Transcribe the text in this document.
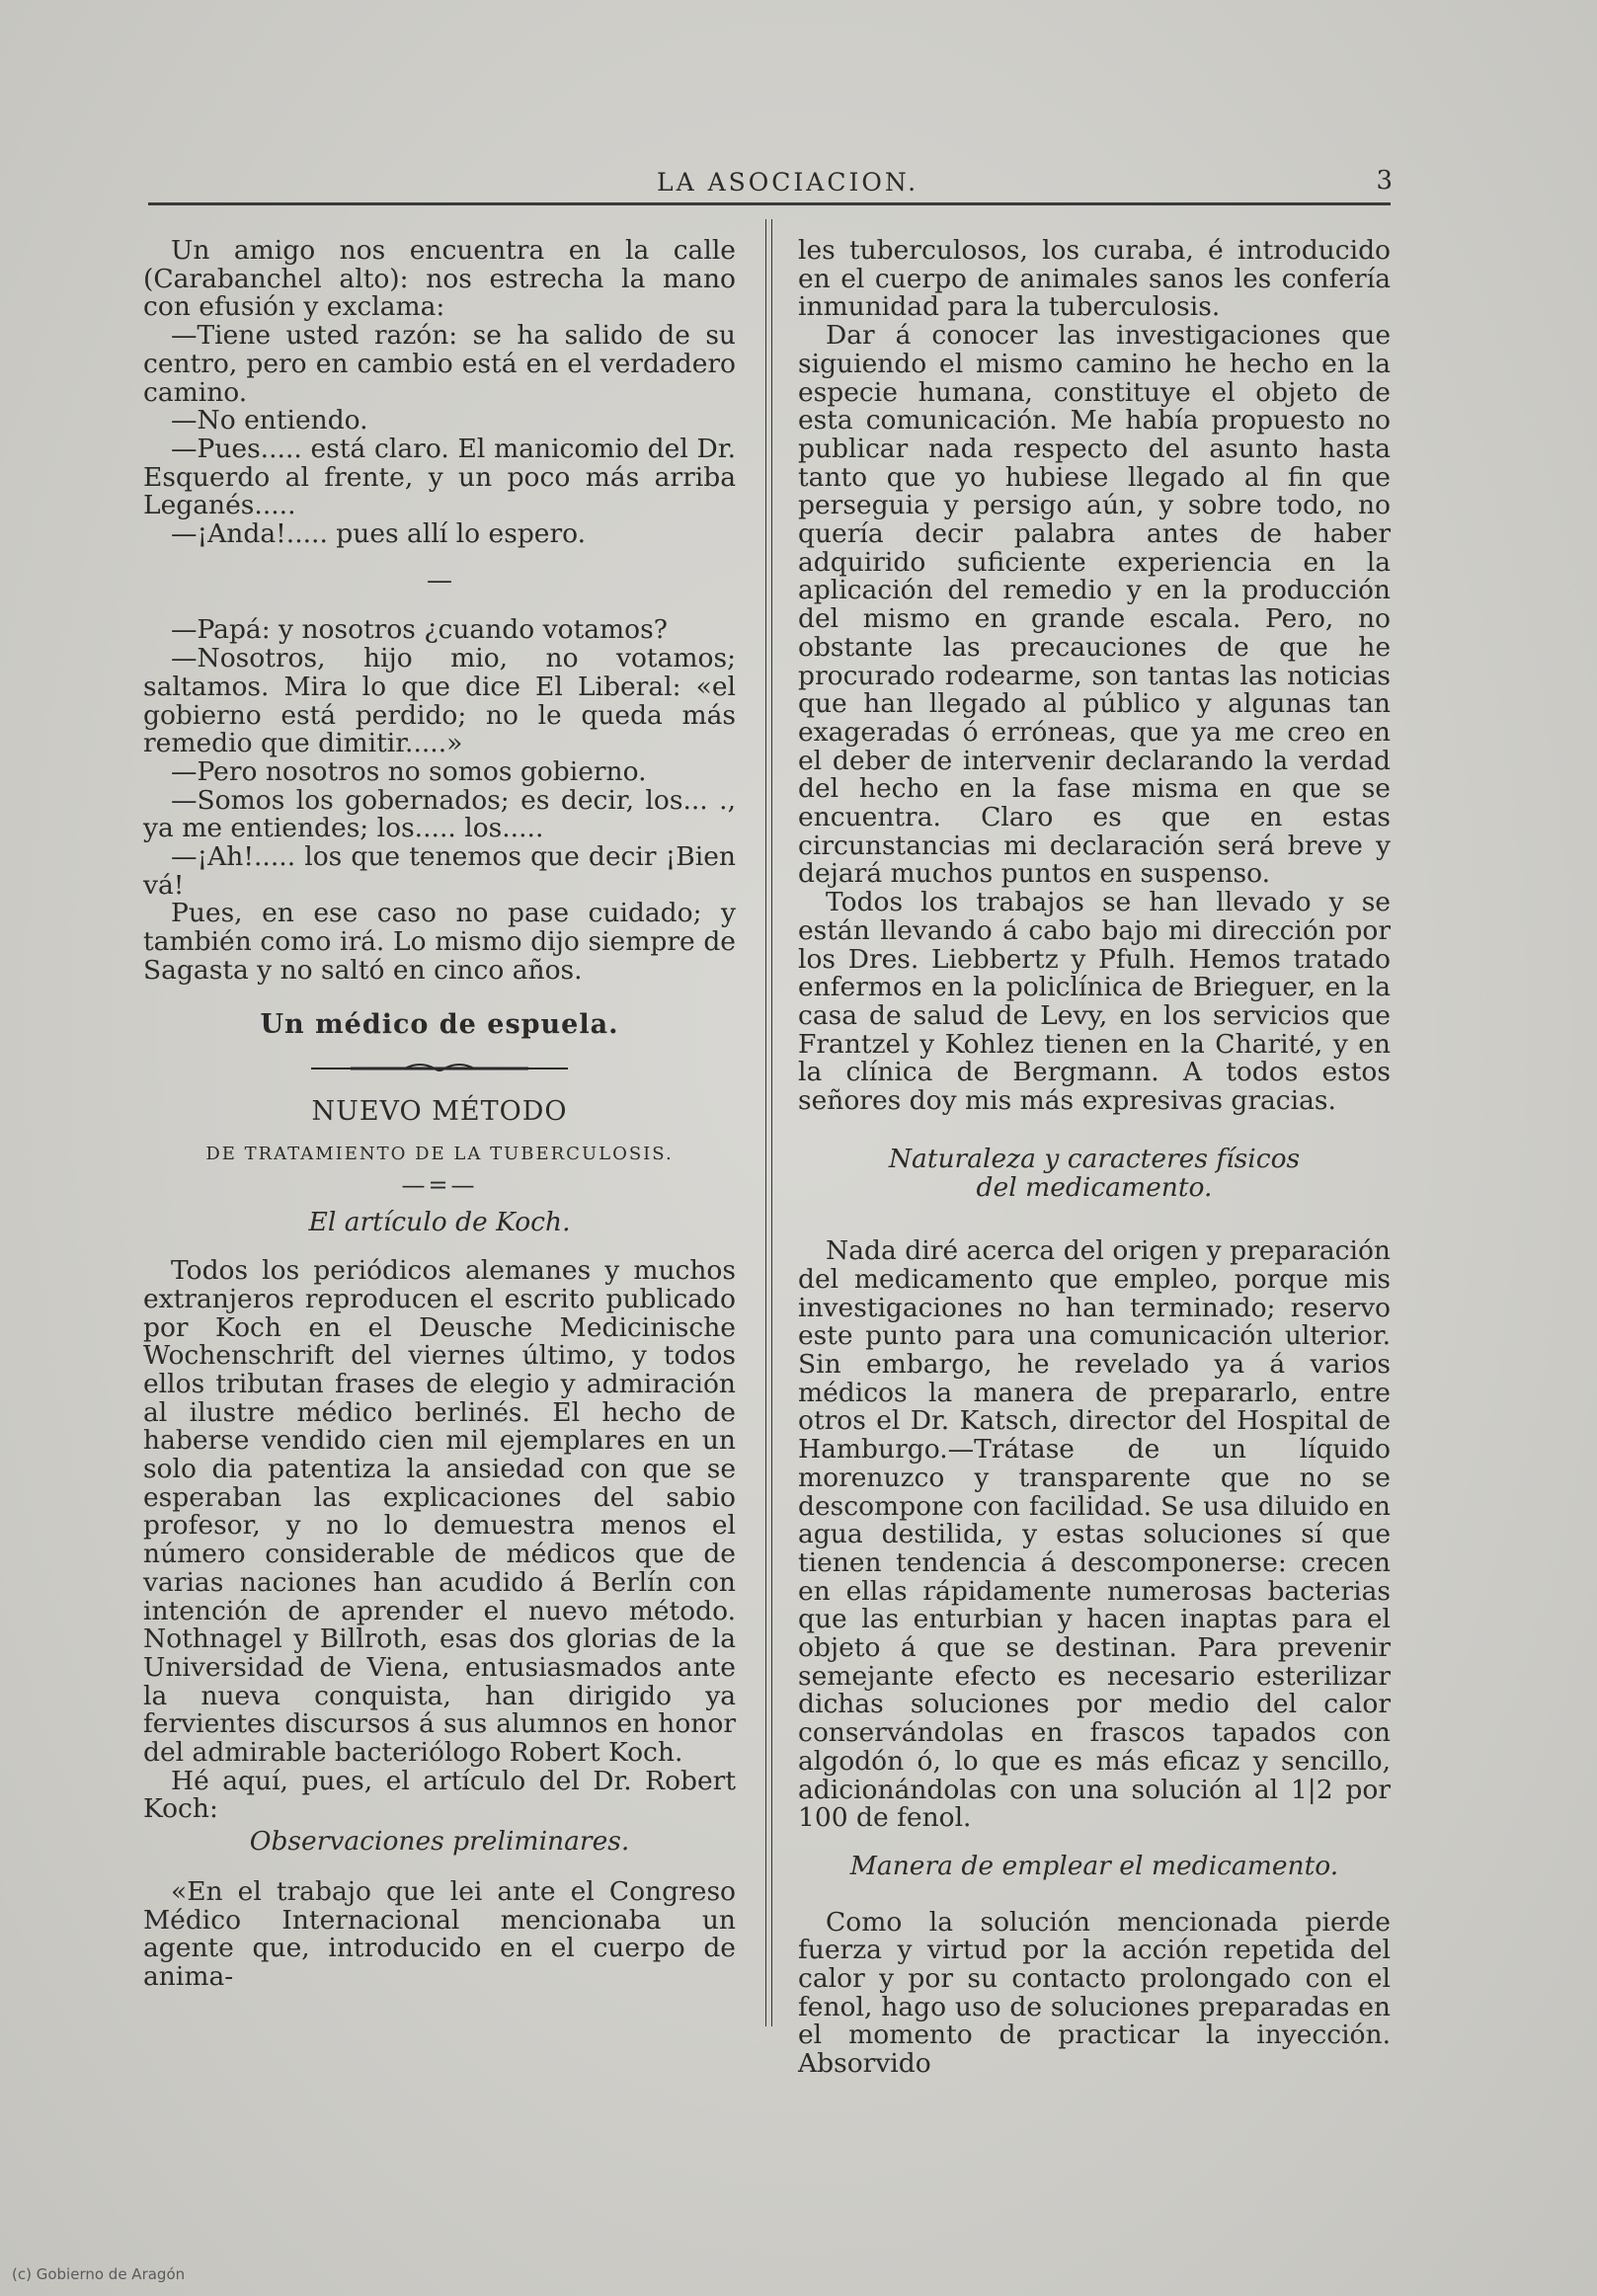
LA ASOCIACION.	3

Un amigo nos encuentra en la calle (Carabanchel alto): nos estrecha la mano con efusión y exclama:

—Tiene usted razón: se ha salido de su centro, pero en cambio está en el verdadero camino.

—No entiendo.

—Pues..... está claro. El manicomio del Dr. Esquerdo al frente, y un poco más arriba Leganés.....

—¡Anda!..... pues allí lo espero.

—

—Papá: y nosotros ¿cuando votamos?

—Nosotros, hijo mio, no votamos; saltamos. Mira lo que dice El Liberal: «el gobierno está perdido; no le queda más remedio que dimitir.....»

—Pero nosotros no somos gobierno.

—Somos los gobernados; es decir, los... ., ya me entiendes; los..... los.....

—¡Ah!..... los que tenemos que decir ¡Bien vá!

Pues, en ese caso no pase cuidado; y también como irá. Lo mismo dijo siempre de Sagasta y no saltó en cinco años.

Un médico de espuela.

NUEVO MÉTODO

DE TRATAMIENTO DE LA TUBERCULOSIS.

—=—

El artículo de Koch.

Todos los periódicos alemanes y muchos extranjeros reproducen el escrito publicado por Koch en el Deusche Medicinische Wochenschrift del viernes último, y todos ellos tributan frases de elegio y admiración al ilustre médico berlinés. El hecho de haberse vendido cien mil ejemplares en un solo dia patentiza la ansiedad con que se esperaban las explicaciones del sabio profesor, y no lo demuestra menos el número considerable de médicos que de varias naciones han acudido á Berlín con intención de aprender el nuevo método. Nothnagel y Billroth, esas dos glorias de la Universidad de Viena, entusiasmados ante la nueva conquista, han dirigido ya fervientes discursos á sus alumnos en honor del admirable bacteriólogo Robert Koch.

Hé aquí, pues, el artículo del Dr. Robert Koch:

Observaciones preliminares.

«En el trabajo que lei ante el Congreso Médico Internacional mencionaba un agente que, introducido en el cuerpo de anima-

les tuberculosos, los curaba, é introducido en el cuerpo de animales sanos les confería inmunidad para la tuberculosis.

Dar á conocer las investigaciones que siguiendo el mismo camino he hecho en la especie humana, constituye el objeto de esta comunicación. Me había propuesto no publicar nada respecto del asunto hasta tanto que yo hubiese llegado al fin que perseguia y persigo aún, y sobre todo, no quería decir palabra antes de haber adquirido suficiente experiencia en la aplicación del remedio y en la producción del mismo en grande escala. Pero, no obstante las precauciones de que he procurado rodearme, son tantas las noticias que han llegado al público y algunas tan exageradas ó erróneas, que ya me creo en el deber de intervenir declarando la verdad del hecho en la fase misma en que se encuentra. Claro es que en estas circunstancias mi declaración será breve y dejará muchos puntos en suspenso.

Todos los trabajos se han llevado y se están llevando á cabo bajo mi dirección por los Dres. Liebbertz y Pfulh. Hemos tratado enfermos en la policlínica de Brieguer, en la casa de salud de Levy, en los servicios que Frantzel y Kohlez tienen en la Charité, y en la clínica de Bergmann. A todos estos señores doy mis más expresivas gracias.

Naturaleza y caracteres físicos

del medicamento.

Nada diré acerca del origen y preparación del medicamento que empleo, porque mis investigaciones no han terminado; reservo este punto para una comunicación ulterior. Sin embargo, he revelado ya á varios médicos la manera de prepararlo, entre otros el Dr. Katsch, director del Hospital de Hamburgo.—Trátase de un líquido morenuzco y transparente que no se descompone con facilidad. Se usa diluido en agua destilida, y estas soluciones sí que tienen tendencia á descomponerse: crecen en ellas rápidamente numerosas bacterias que las enturbian y hacen inaptas para el objeto á que se destinan. Para prevenir semejante efecto es necesario esterilizar dichas soluciones por medio del calor conservándolas en frascos tapados con algodón ó, lo que es más eficaz y sencillo, adicionándolas con una solución al 1|2 por 100 de fenol.

Manera de emplear el medicamento.

Como la solución mencionada pierde fuerza y virtud por la acción repetida del calor y por su contacto prolongado con el fenol, hago uso de soluciones preparadas en el momento de practicar la inyección. Absorvido

(c) Gobierno de Aragón
